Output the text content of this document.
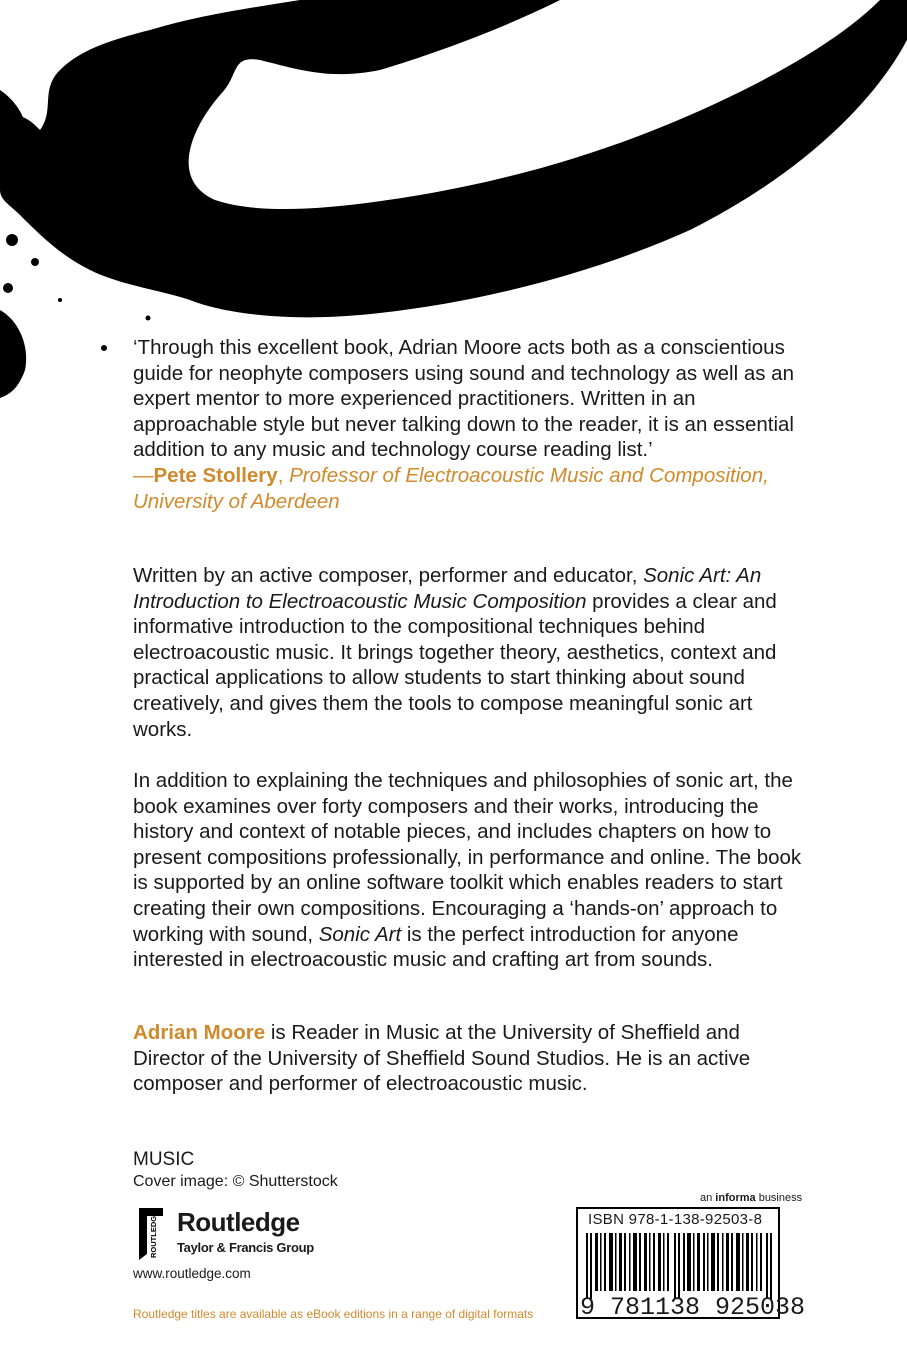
‘Through this excellent book, Adrian Moore acts both as a conscientious guide for neophyte composers using sound and technology as well as an expert mentor to more experienced practitioners. Written in an approachable style but never talking down to the reader, it is an essential addition to any music and technology course reading list.’
—Pete Stollery, Professor of Electroacoustic Music and Composition, University of Aberdeen

Written by an active composer, performer and educator, Sonic Art: An Introduction to Electroacoustic Music Composition provides a clear and informative introduction to the compositional techniques behind electroacoustic music. It brings together theory, aesthetics, context and practical applications to allow students to start thinking about sound creatively, and gives them the tools to compose meaningful sonic art works.

In addition to explaining the techniques and philosophies of sonic art, the book examines over forty composers and their works, introducing the history and context of notable pieces, and includes chapters on how to present compositions professionally, in performance and online. The book is supported by an online software toolkit which enables readers to start creating their own compositions. Encouraging a ‘hands-on’ approach to working with sound, Sonic Art is the perfect introduction for anyone interested in electroacoustic music and crafting art from sounds.

Adrian Moore is Reader in Music at the University of Sheffield and Director of the University of Sheffield Sound Studios. He is an active composer and performer of electroacoustic music.

MUSIC

Cover image: © Shutterstock

ROUTLEDGE Routledge
Taylor & Francis Group

www.routledge.com

Routledge titles are available as eBook editions in a range of digital formats

an informa business

ISBN 978-1-138-92503-8
9 781138 925038
